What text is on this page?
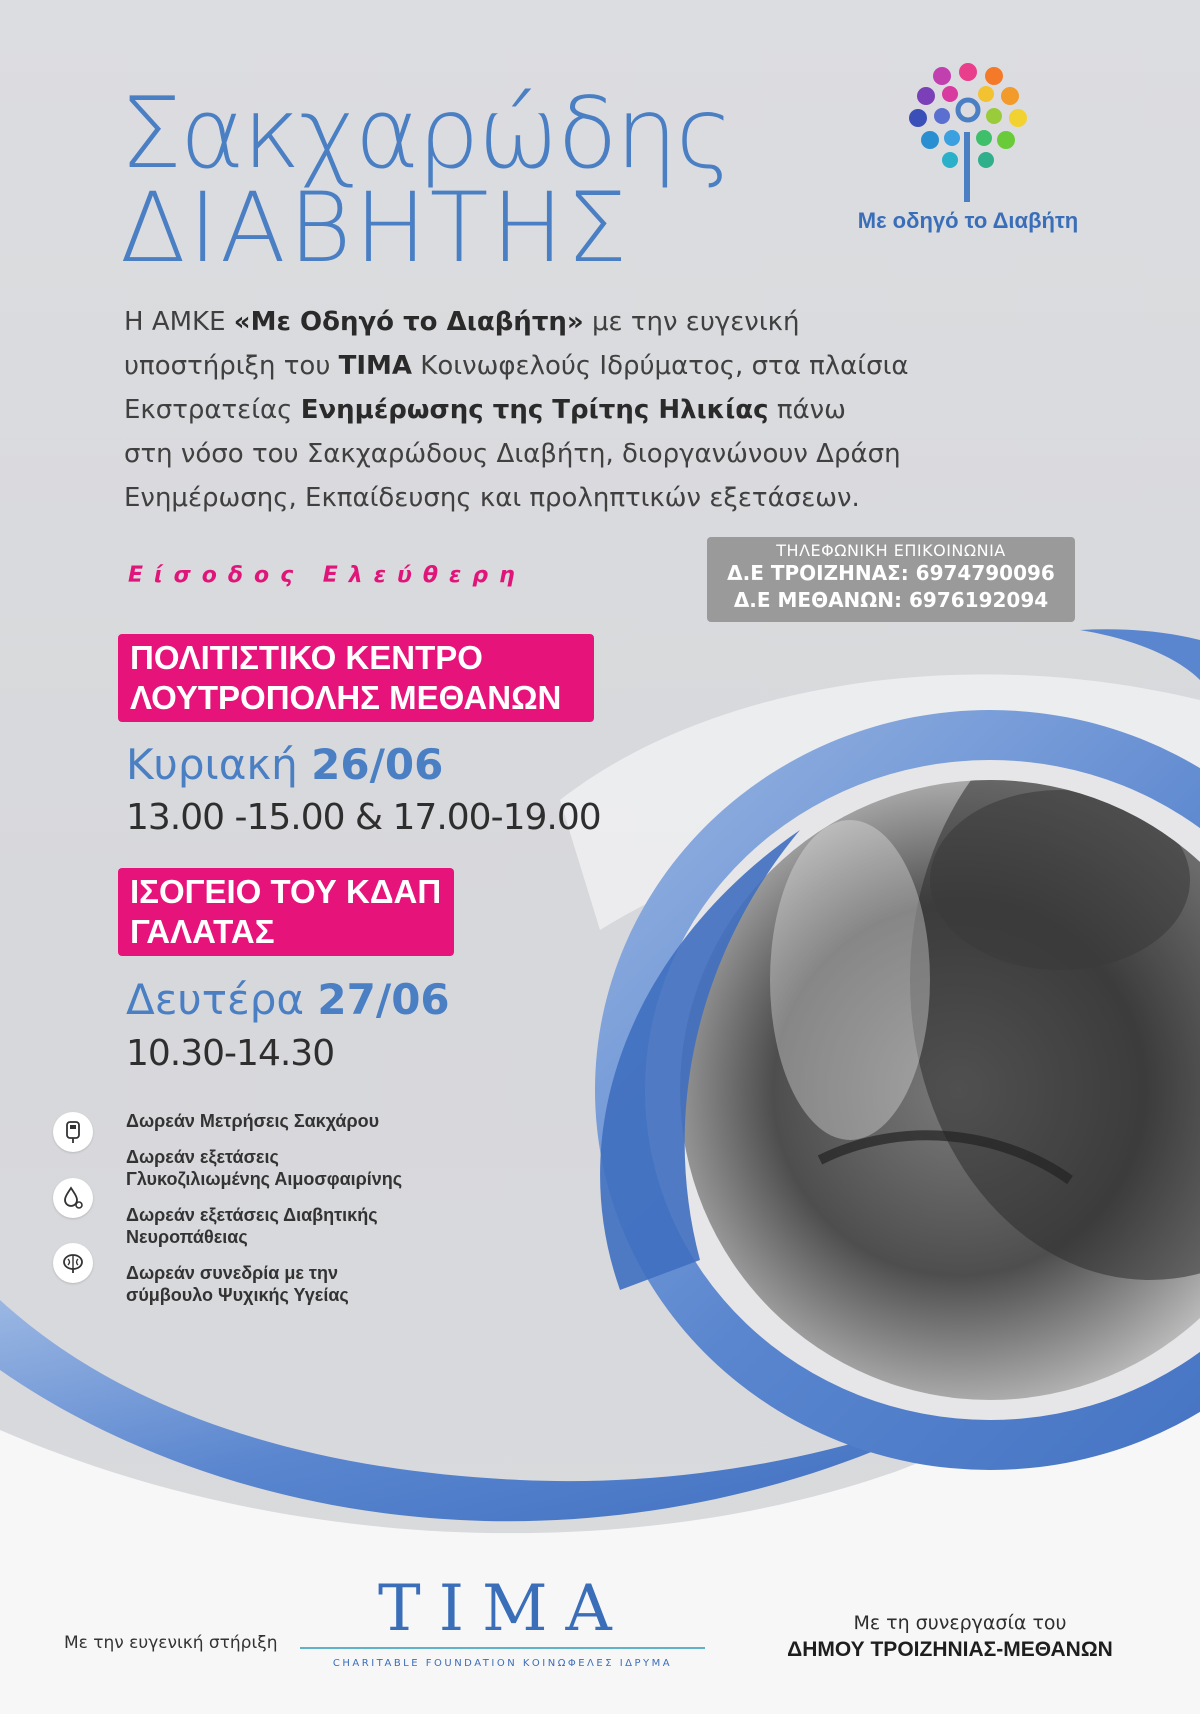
Σακχαρώδης
ΔΙΑΒΗΤΗΣ	Με οδηγό το Διαβήτη
Η ΑΜΚΕ «Με Οδηγό το Διαβήτη» με την ευγενική
υποστήριξη του ΤΙΜΑ Κοινωφελούς Ιδρύματος, στα πλαίσια
Εκστρατείας Ενημέρωσης της Τρίτης Ηλικίας πάνω
στη νόσο του Σακχαρώδους Διαβήτη, διοργανώνουν Δράση
Ενημέρωσης, Εκπαίδευσης και προληπτικών εξετάσεων.
Είσοδος Ελεύθερη
ΤΗΛΕΦΩΝΙΚΗ ΕΠΙΚΟΙΝΩΝΙΑ
Δ.Ε ΤΡΟΙΖΗΝΑΣ: 6974790096
Δ.Ε ΜΕΘΑΝΩΝ: 6976192094
ΠΟΛΙΤΙΣΤΙΚΟ ΚΕΝΤΡΟ
ΛΟΥΤΡΟΠΟΛΗΣ ΜΕΘΑΝΩΝ
Κυριακή 26/06
13.00 -15.00 & 17.00-19.00
ΙΣΟΓΕΙΟ ΤΟΥ ΚΔΑΠ
ΓΑΛΑΤΑΣ
Δευτέρα 27/06
10.30-14.30
Δωρεάν Μετρήσεις Σακχάρου
Δωρεάν εξετάσεις
Γλυκοζιλιωμένης Αιμοσφαιρίνης
Δωρεάν εξετάσεις Διαβητικής
Νευροπάθειας
Δωρεάν συνεδρία με την
σύμβουλο Ψυχικής Υγείας
Με την ευγενική στήριξη ΤΙΜΑ
CHARITABLE FOUNDATION ΚΟΙΝΩΦΕΛΕΣ ΙΔΡΥΜΑ
Με τη συνεργασία του
ΔΗΜΟΥ ΤΡΟΙΖΗΝΙΑΣ-ΜΕΘΑΝΩΝ
